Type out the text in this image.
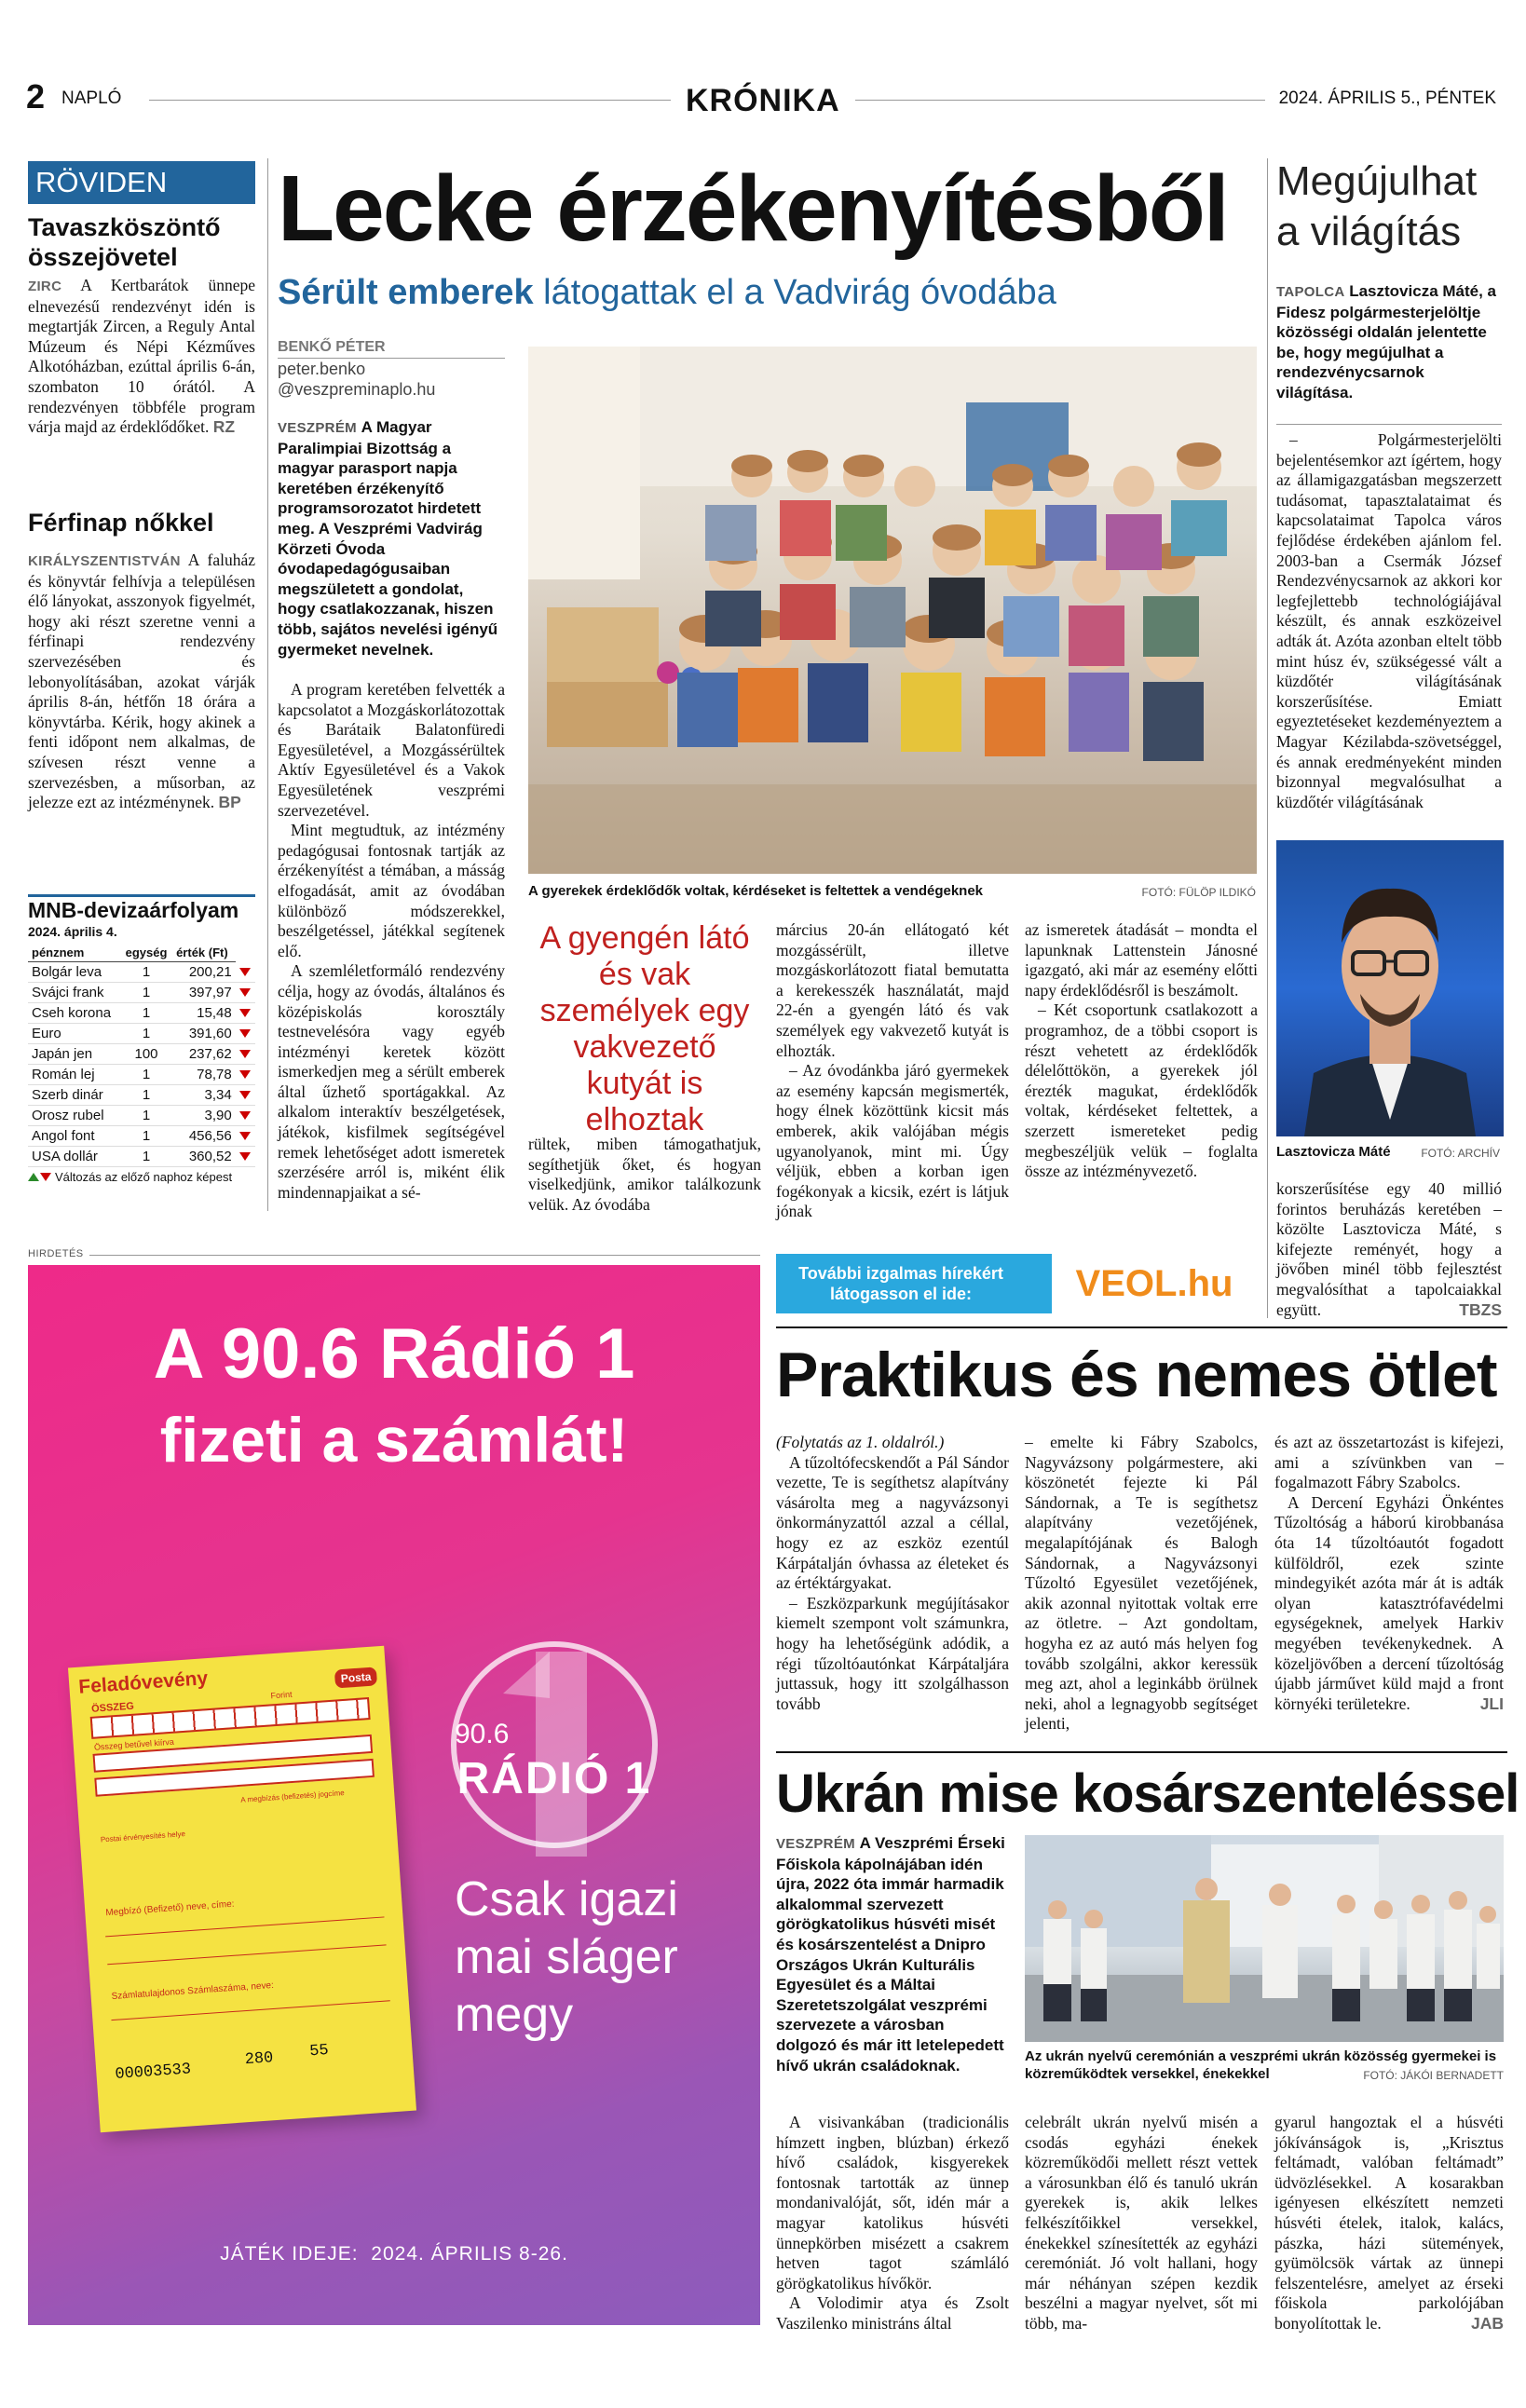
2 NAPLÓ	KRÓNIKA	2024. ÁPRILIS 5., PÉNTEK
RÖVIDEN
Tavaszköszöntő összejövetel

ZIRC A Kertbarátok ünnepe elnevezésű rendezvényt idén is megtartják Zircen, a Reguly Antal Múzeum és Népi Kézműves Alkotóházban, ezúttal április 6-án, szombaton 10 órától. A rendezvényen többféle program várja majd az érdeklődőket. RZ

Férfinap nőkkel

KIRÁLYSZENTISTVÁN A faluház és könyvtár felhívja a településen élő lányokat, asszonyok figyelmét, hogy aki részt szeretne venni a férfinapi rendezvény szervezésében és lebonyolításában, azokat várják április 8-án, hétfőn 18 órára a könyvtárba. Kérik, hogy akinek a fenti időpont nem alkalmas, de szívesen részt venne a szervezésben, a műsorban, az jelezze ezt az intézménynek. BP

MNB-devizaárfolyam
2024. április 4.
pénznem	egység	érték (Ft)	
Bolgár leva	1	200,21	
Svájci frank	1	397,97	
Cseh korona	1	15,48	
Euro	1	391,60	
Japán jen	100	237,62	
Román lej	1	78,78	
Szerb dinár	1	3,34	
Orosz rubel	1	3,90	
Angol font	1	456,56	
USA dollár	1	360,52	
Változás az előző naphoz képest
Lecke érzékenyítésből
Sérült emberek látogattak el a Vadvirág óvodába
BENKŐ PÉTER
peter.benko
@veszpreminaplo.hu
VESZPRÉM A Magyar Paralimpiai Bizottság a magyar parasport napja keretében érzékenyítő programsorozatot hirdetett meg. A Veszprémi Vadvirág Körzeti Óvoda óvodapedagógusaiban megszületett a gondolat, hogy csatlakozzanak, hiszen több, sajátos nevelési igényű gyermeket nevelnek.

A program keretében felvették a kapcsolatot a Mozgáskorlátozottak és Barátaik Balatonfüredi Egyesületével, a Mozgássérültek Aktív Egyesületével és a Vakok Egyesületének veszprémi szervezetével.

Mint megtudtuk, az intézmény pedagógusai fontosnak tartják az érzékenyítést a témában, a másság elfogadását, amit az óvodában különböző módszerekkel, beszélgetéssel, játékkal segítenek elő.

A szemléletformáló rendezvény célja, hogy az óvodás, általános és középiskolás korosztály testnevelésóra vagy egyéb intézményi keretek között ismerkedjen meg a sérült emberek által űzhető sportágakkal. Az alkalom interaktív beszélgetések, játékok, kisfilmek segítségével remek lehetőséget adott ismeretek szerzésére arról is, miként élik mindennapjaikat a sé-

A gyerekek érdeklődők voltak, kérdéseket is feltettek a vendégeknek	FOTÓ: FÜLÖP ILDIKÓ
A gyengén látó és vak személyek egy vakvezető kutyát is elhoztak

rültek, miben támogathatjuk, segíthetjük őket, és hogyan viselkedjünk, amikor találkozunk velük. Az óvodába

március 20-án ellátogató két mozgássérült, illetve mozgáskorlátozott fiatal bemutatta a kerekesszék használatát, majd 22-én a gyengén látó és vak személyek egy vakvezető kutyát is elhozták.

– Az óvodánkba járó gyermekek az esemény kapcsán megismerték, hogy élnek közöttünk kicsit más emberek, akik valójában mégis ugyanolyanok, mint mi. Úgy véljük, ebben a korban igen fogékonyak a kicsik, ezért is látjuk jónak

az ismeretek átadását – mondta el lapunknak Lattenstein Jánosné igazgató, aki már az esemény előtti napy érdeklődésről is beszámolt.

– Két csoportunk csatlakozott a programhoz, de a többi csoport is részt vehetett az érdeklődők délelőttökön, a gyerekek jól érezték magukat, érdeklődők voltak, kérdéseket feltettek, a szerzett ismereteket pedig megbeszéljük velük – foglalta össze az intézményvezető.

Megújulhat a világítás
TAPOLCA Lasztovicza Máté, a Fidesz polgármesterjelöltje közösségi oldalán jelentette be, hogy megújulhat a rendezvénycsarnok világítása.

– Polgármesterjelölti bejelentésemkor azt ígértem, hogy az államigazgatásban megszerzett tudásomat, tapasztalataimat és kapcsolataimat Tapolca város fejlődése érdekében ajánlom fel. 2003-ban a Csermák József Rendezvénycsarnok az akkori kor legfejlettebb technológiájával készült, és annak eszközeivel adták át. Azóta azonban eltelt több mint húsz év, szükségessé vált a küzdőtér világításának korszerűsítése. Emiatt egyeztetéseket kezdeményeztem a Magyar Kézilabda-szövetséggel, és annak eredményeként minden bizonnyal megvalósulhat a küzdőtér világításának

Lasztovicza Máté	FOTÓ: ARCHÍV

korszerűsítése egy 40 millió forintos beruházás keretében – közölte Lasztovicza Máté, s kifejezte reményét, hogy a jövőben minél több fejlesztést megvalósíthat a tapolcaiakkal együtt.	TBZS

HIRDETÉS
A 90.6 Rádió 1
fizeti a számlát!
90.6
RÁDIÓ 1
Csak igazi
mai sláger
megy
Feladóvevény	Posta
ÖSSZEG
Forint
Összeg betűvel kiírva
A megbízás (befizetés) jogcíme
Postai érvényesítés helye
Megbízó (Befizető) neve, címe:
Számlatulajdonos Számlaszáma, neve:
00003533
280 55
JÁTÉK IDEJE:  2024. ÁPRILIS 8-26.
További izgalmas hírekért
látogasson el ide:	VEOL.hu
Praktikus és nemes ötlet

(Folytatás az 1. oldalról.)

A tűzoltófecskendőt a Pál Sándor vezette, Te is segíthetsz alapítvány vásárolta meg a nagyvázsonyi önkormányzattól azzal a céllal, hogy ez az eszköz ezentúl Kárpátalján óvhassa az életeket és az értéktárgyakat.

– Eszközparkunk megújításakor kiemelt szempont volt számunkra, hogy ha lehetőségünk adódik, a régi tűzoltóautónkat Kárpátaljára juttassuk, hogy itt szolgálhasson tovább

– emelte ki Fábry Szabolcs, Nagyvázsony polgármestere, aki köszönetét fejezte ki Pál Sándornak, a Te is segíthetsz alapítvány vezetőjének, megalapítójának és Balogh Sándornak, a Nagyvázsonyi Tűzoltó Egyesület vezetőjének, akik azonnal nyitottak voltak erre az ötletre. – Azt gondoltam, hogyha ez az autó más helyen fog tovább szolgálni, akkor keressük meg azt, ahol a leginkább örülnek neki, ahol a legnagyobb segítséget jelenti,

és azt az összetartozást is kifejezi, ami a szívünkben van – fogalmazott Fábry Szabolcs.

A Dercení Egyházi Önkéntes Tűzoltóság a háború kirobbanása óta 14 tűzoltóautót fogadott külföldről, ezek szinte mindegyikét azóta már át is adták olyan katasztrófavédelmi egységeknek, amelyek Harkiv megyében tevékenykednek. A közeljövőben a dercení tűzoltóság újabb járművet küld majd a front környéki területekre.	JLI

Ukrán mise kosárszenteléssel
VESZPRÉM A Veszprémi Érseki Főiskola kápolnájában idén újra, 2022 óta immár harmadik alkalommal szervezett görögkatolikus húsvéti misét és kosárszentelést a Dnipro Országos Ukrán Kulturális Egyesület és a Máltai Szeretetszolgálat veszprémi szervezete a városban dolgozó és már itt letelepedett hívő ukrán családoknak.
Az ukrán nyelvű ceremónián a veszprémi ukrán közösség gyermekei is közreműködtek versekkel, énekekkel	FOTÓ: JÁKÓI BERNADETT

A visivankában (tradicionális hímzett ingben, blúzban) érkező hívő családok, kisgyerekek fontosnak tartották az ünnep mondanivalóját, sőt, idén már a magyar katolikus húsvéti ünnepkörben misézett a csakrem hetven tagot számláló görögkatolikus hívőkör.

A Volodimir atya és Zsolt Vaszilenko ministráns által

celebrált ukrán nyelvű misén a csodás egyházi énekek közreműködői mellett részt vettek a városunkban élő és tanuló ukrán gyerekek is, akik lelkes felkészítőikkel versekkel, énekekkel színesítették az egyházi ceremóniát. Jó volt hallani, hogy már néhányan szépen kezdik beszélni a magyar nyelvet, sőt mi több, ma-

gyarul hangoztak el a húsvéti jókívánságok is, „Krisztus feltámadt, valóban feltámadt” üdvözlésekkel. A kosarakban igényesen elkészített nemzeti húsvéti ételek, italok, kalács, pászka, házi sütemények, gyümölcsök vártak az ünnepi felszentelésre, amelyet az érseki főiskola parkolójában bonyolítottak le.	JAB
